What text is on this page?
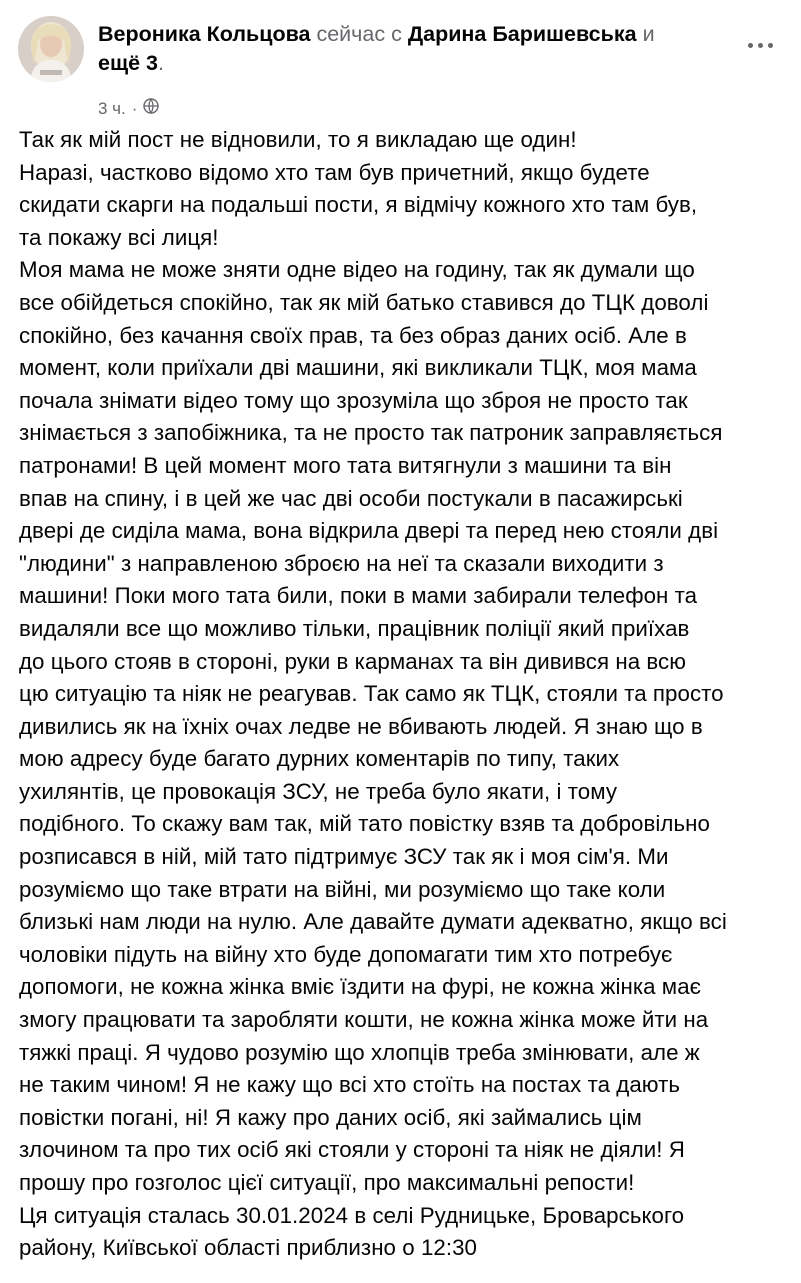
Вероника Кольцова сейчас с Дарина Баришевська и
ещё 3.
3 ч. ·
Так як мій пост не відновили, то я викладаю ще один!
Наразі, частково відомо хто там був причетний, якщо будете
скидати скарги на подальші пости, я відмічу кожного хто там був,
та покажу всі лиця!
Моя мама не може зняти одне відео на годину, так як думали що
все обійдеться спокійно, так як мій батько ставився до ТЦК доволі
спокійно, без качання своїх прав, та без образ даних осіб. Але в
момент, коли приїхали дві машини, які викликали ТЦК, моя мама
почала знімати відео тому що зрозуміла що зброя не просто так
знімається з запобіжника, та не просто так патроник заправляється
патронами! В цей момент мого тата витягнули з машини та він
впав на спину, і в цей же час дві особи постукали в пасажирські
двері де сиділа мама, вона відкрила двері та перед нею стояли дві
"людини" з направленою зброєю на неї та сказали виходити з
машини! Поки мого тата били, поки в мами забирали телефон та
видаляли все що можливо тільки, працівник поліції який приїхав
до цього стояв в стороні, руки в карманах та він дивився на всю
цю ситуацію та ніяк не реагував. Так само як ТЦК, стояли та просто
дивились як на їхніх очах ледве не вбивають людей. Я знаю що в
мою адресу буде багато дурних коментарів по типу, таких
ухилянтів, це провокація ЗСУ, не треба було якати, і тому
подібного. То скажу вам так, мій тато повістку взяв та добровільно
розписався в ній, мій тато підтримує ЗСУ так як і моя сім'я. Ми
розуміємо що таке втрати на війні, ми розуміємо що таке коли
близькі нам люди на нулю. Але давайте думати адекватно, якщо всі
чоловіки підуть на війну хто буде допомагати тим хто потребує
допомоги, не кожна жінка вміє їздити на фурі, не кожна жінка має
змогу працювати та заробляти кошти, не кожна жінка може йти на
тяжкі праці. Я чудово розумію що хлопців треба змінювати, але ж
не таким чином! Я не кажу що всі хто стоїть на постах та дають
повістки погані, ні! Я кажу про даних осіб, які займались цім
злочином та про тих осіб які стояли у стороні та ніяк не діяли! Я
прошу про гозголос цієї ситуації, про максимальні репости!
Ця ситуація сталась 30.01.2024 в селі Рудницьке, Броварського
району, Київської області приблизно о 12:30
